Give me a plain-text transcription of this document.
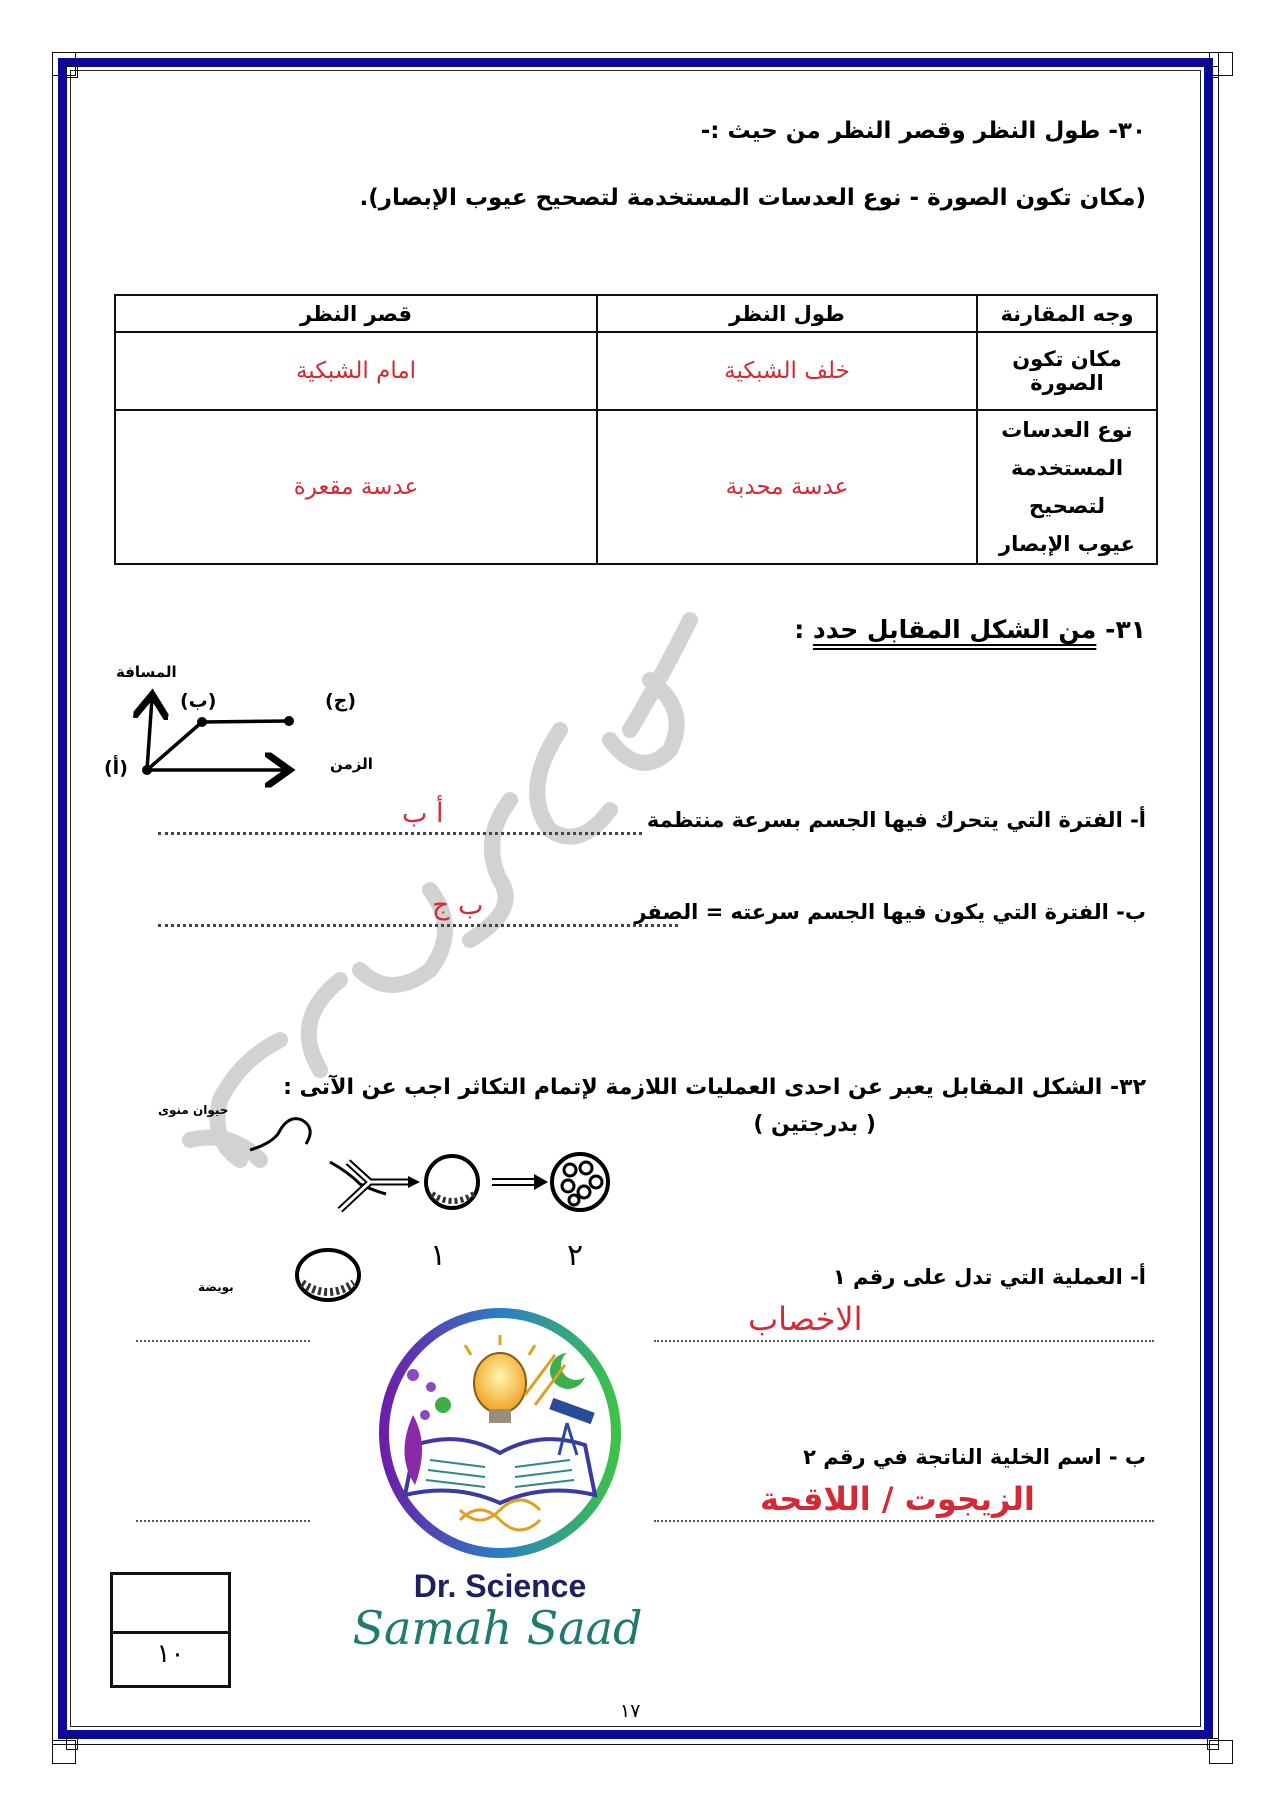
٣٠- طول النظر وقصر النظر من حيث :-
(مكان تكون الصورة - نوع العدسات المستخدمة لتصحيح عيوب الإبصار).
وجه المقارنة	طول النظر	قصر النظر
مكان تكون الصورة	خلف الشبكية	امام الشبكية

نوع العدسات
المستخدمة لتصحيح
عيوب الإبصار	عدسة محدبة	عدسة مقعرة
٣١- من الشكل المقابل حدد :
المسافة
الزمن
(أ)
(ب)	(ج)
أ- الفترة التي يتحرك فيها الجسم بسرعة منتظمة
أ ب
ب- الفترة التي يكون فيها الجسم سرعته = الصفر
ب ج
٣٢- الشكل المقابل يعبر عن احدى العمليات اللازمة لإتمام التكاثر اجب عن الآتى :
( بدرجتين )
حيوان منوى
بويضة
١	٢
أ- العملية التي تدل على رقم ١
الاخصاب
ب - اسم الخلية الناتجة في رقم ٢
الزيجوت / اللاقحة
Dr. Science
Samah Saad
١٠
١٧
